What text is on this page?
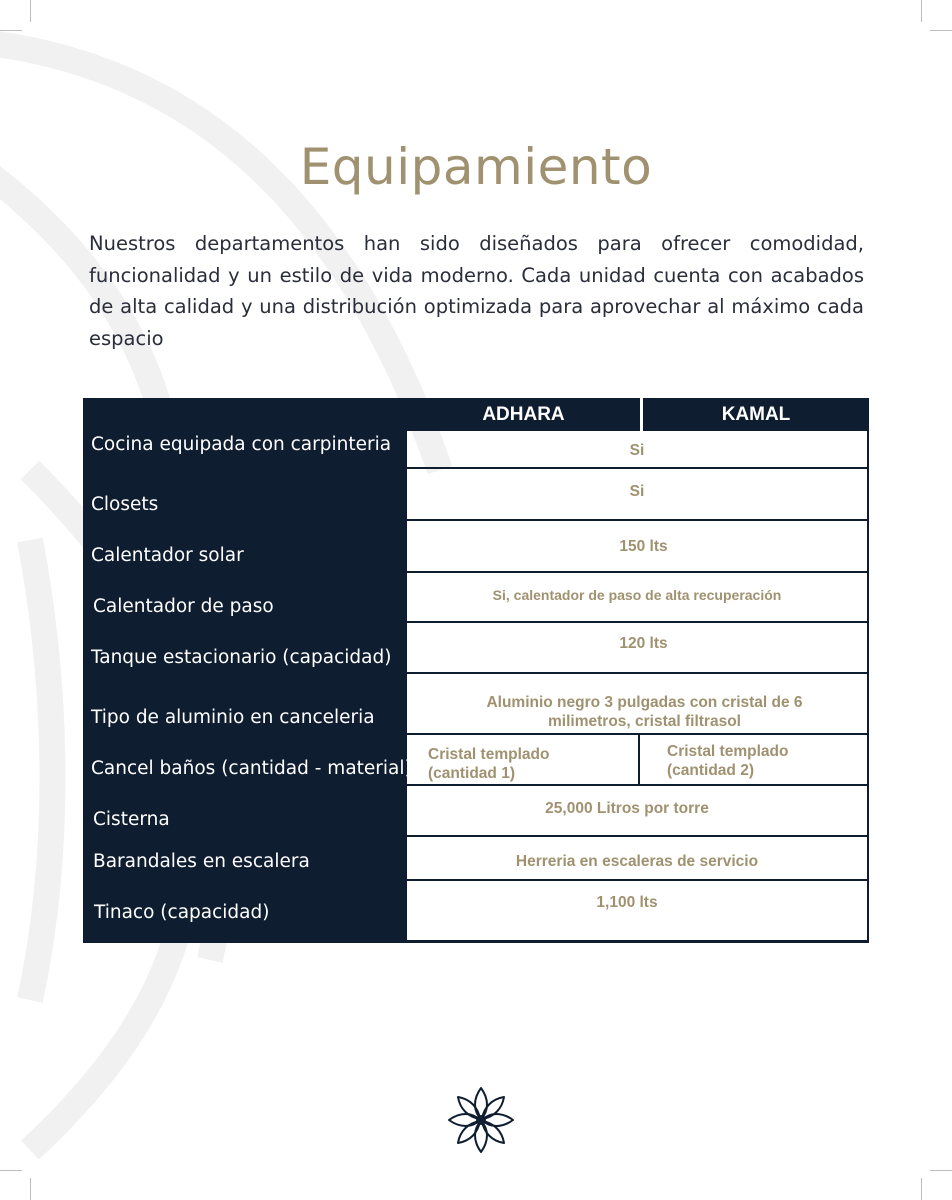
Equipamiento

Nuestros departamentos han sido diseñados para ofrecer comodidad, funcionalidad y un estilo de vida moderno. Cada unidad cuenta con acabados de alta calidad y una distribución optimizada para aprovechar al máximo cada espacio

Cocina equipada con carpinteria
Closets
Calentador solar
Calentador de paso
Tanque estacionario (capacidad)
Tipo de aluminio en canceleria
Cancel baños (cantidad - material)
Cisterna
Barandales en escalera
Tinaco (capacidad)
ADHARA	KAMAL
Si
Si
150 lts
Si, calentador de paso de alta recuperación
120 lts
Aluminio negro 3 pulgadas con cristal de 6 milimetros, cristal filtrasol
Cristal templado (cantidad 1)
Cristal templado (cantidad 2)
25,000 Litros por torre
Herreria en escaleras de servicio
1,100 lts
